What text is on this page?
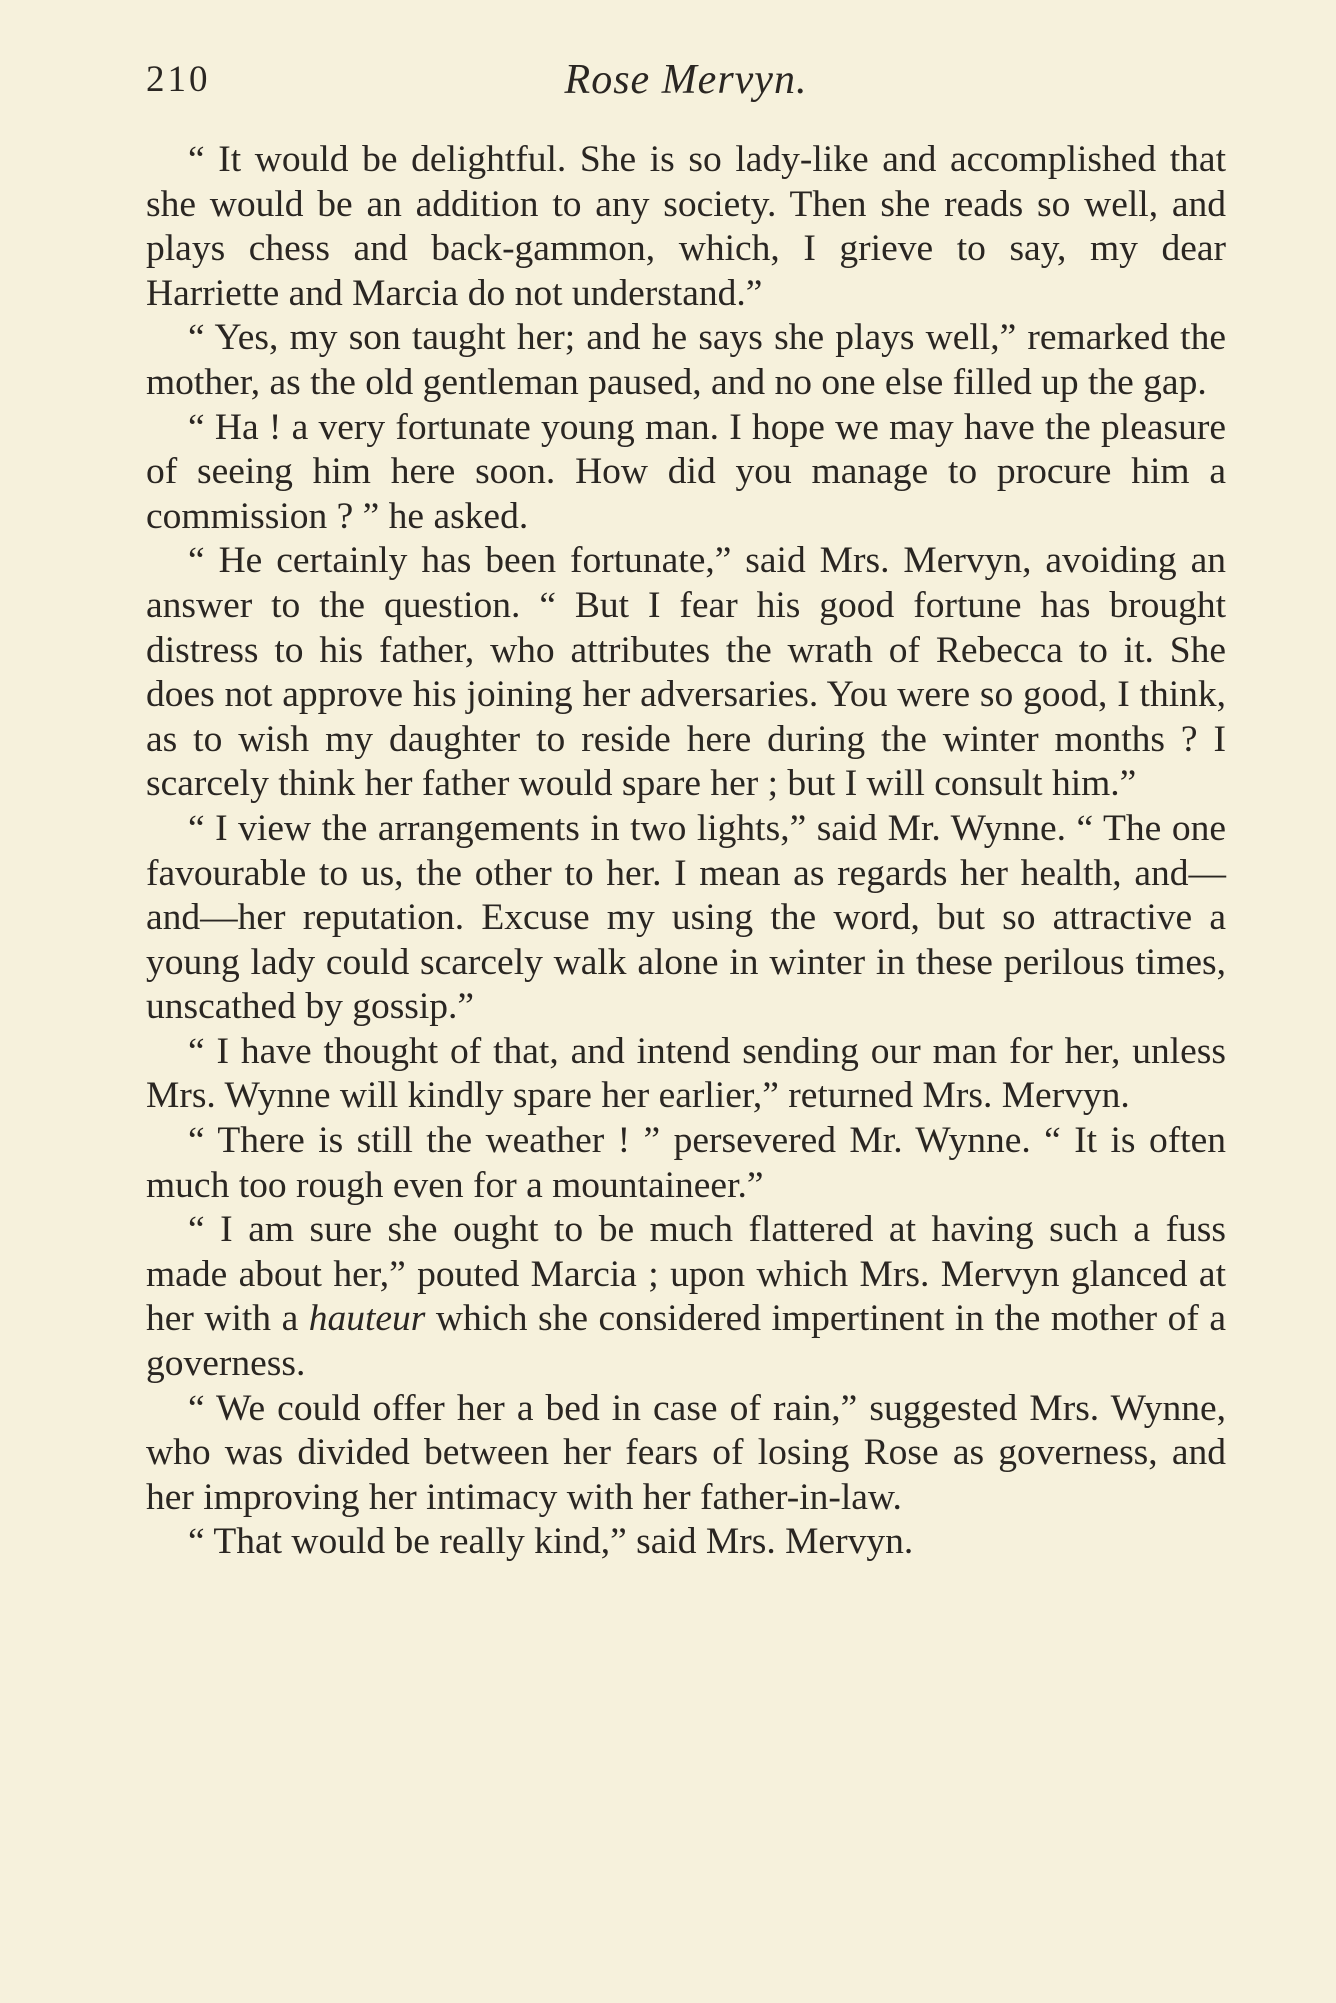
210	Rose Mervyn.

“ It would be delightful. She is so lady-like and accomplished that she would be an addition to any society. Then she reads so well, and plays chess and back-gammon, which, I grieve to say, my dear Harriette and Marcia do not understand.”

“ Yes, my son taught her; and he says she plays well,” remarked the mother, as the old gentleman paused, and no one else filled up the gap.

“ Ha ! a very fortunate young man. I hope we may have the pleasure of seeing him here soon. How did you manage to procure him a commission ? ” he asked.

“ He certainly has been fortunate,” said Mrs. Mervyn, avoiding an answer to the question. “ But I fear his good fortune has brought distress to his father, who attributes the wrath of Rebecca to it. She does not approve his joining her adversaries. You were so good, I think, as to wish my daughter to reside here during the winter months ? I scarcely think her father would spare her ; but I will consult him.”

“ I view the arrangements in two lights,” said Mr. Wynne. “ The one favourable to us, the other to her. I mean as regards her health, and—and—her reputation. Excuse my using the word, but so attractive a young lady could scarcely walk alone in winter in these perilous times, unscathed by gossip.”

“ I have thought of that, and intend sending our man for her, unless Mrs. Wynne will kindly spare her earlier,” returned Mrs. Mervyn.

“ There is still the weather ! ” persevered Mr. Wynne. “ It is often much too rough even for a mountaineer.”

“ I am sure she ought to be much flattered at having such a fuss made about her,” pouted Marcia ; upon which Mrs. Mervyn glanced at her with a hauteur which she considered impertinent in the mother of a governess.

“ We could offer her a bed in case of rain,” suggested Mrs. Wynne, who was divided between her fears of losing Rose as governess, and her improving her intimacy with her father-in-law.

“ That would be really kind,” said Mrs. Mervyn.
